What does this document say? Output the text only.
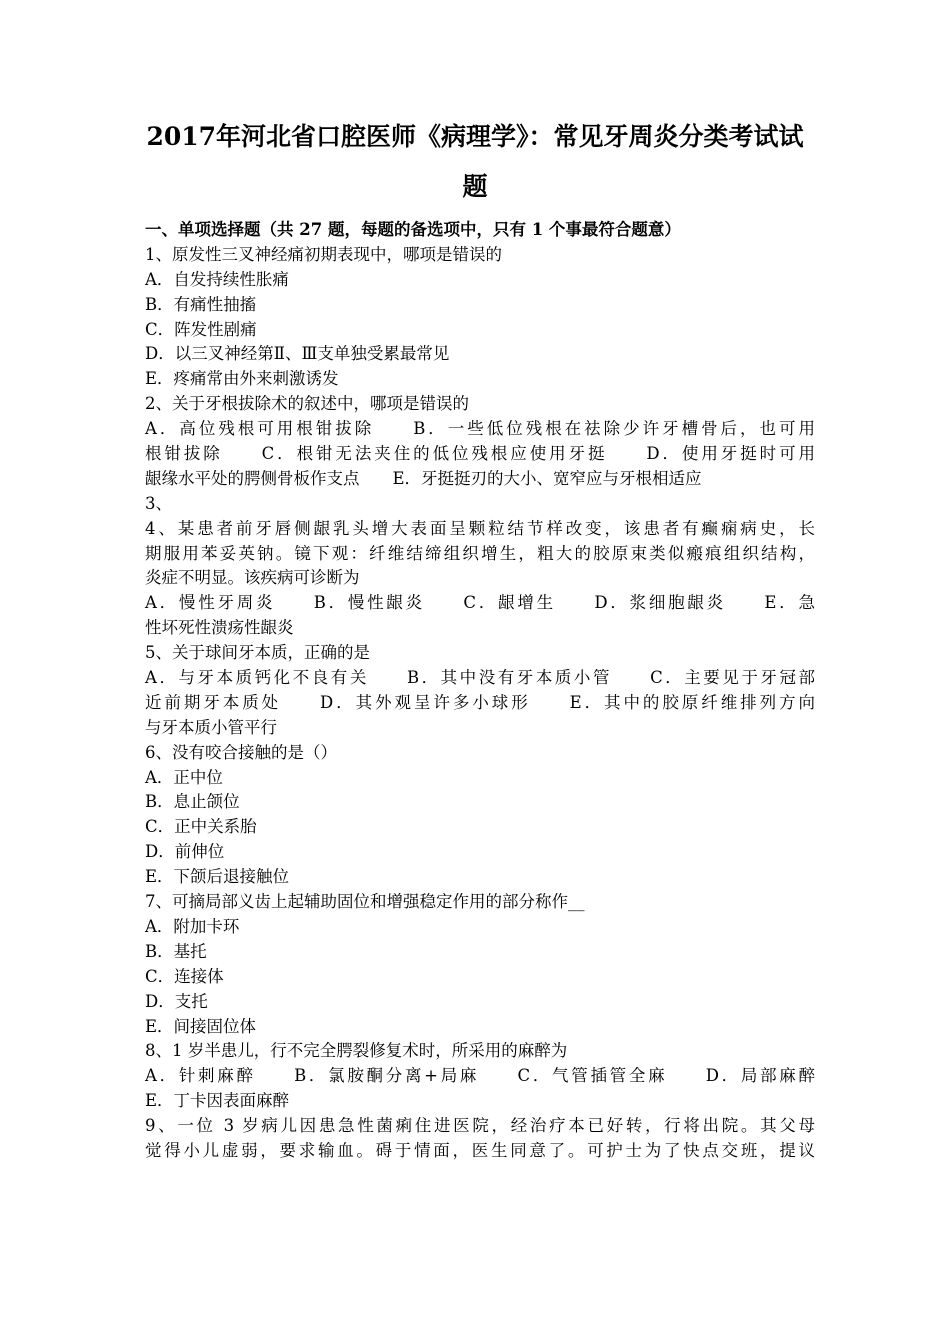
2017年河北省口腔医师《病理学》：常见牙周炎分类考试试
题
一、单项选择题（共 27 题，每题的备选项中，只有 1 个事最符合题意）
1、原发性三叉神经痛初期表现中，哪项是错误的
A．自发持续性胀痛
B．有痛性抽搐
C．阵发性剧痛
D．以三叉神经第Ⅱ、Ⅲ支单独受累最常见
E．疼痛常由外来刺激诱发
2、关于牙根拔除术的叙述中，哪项是错误的
A．高位残根可用根钳拔除　　B．一些低位残根在祛除少许牙槽骨后，也可用
根钳拔除　　C．根钳无法夹住的低位残根应使用牙挺　　D．使用牙挺时可用
龈缘水平处的腭侧骨板作支点　　E．牙挺挺刃的大小、宽窄应与牙根相适应
3、
4、某患者前牙唇侧龈乳头增大表面呈颗粒结节样改变，该患者有癫痫病史，长
期服用苯妥英钠。镜下观：纤维结缔组织增生，粗大的胶原束类似瘢痕组织结构，
炎症不明显。该疾病可诊断为
A．慢性牙周炎　　B．慢性龈炎　　C．龈增生　　D．浆细胞龈炎　　E．急
性坏死性溃疡性龈炎
5、关于球间牙本质，正确的是
A．与牙本质钙化不良有关　　B．其中没有牙本质小管　　C．主要见于牙冠部
近前期牙本质处　　D．其外观呈许多小球形　　E．其中的胶原纤维排列方向
与牙本质小管平行
6、没有咬合接触的是（）
A．正中位
B．息止颌位
C．正中关系胎
D．前伸位
E．下颌后退接触位
7、可摘局部义齿上起辅助固位和增强稳定作用的部分称作__
A．附加卡环
B．基托
C．连接体
D．支托
E．间接固位体
8、1 岁半患儿，行不完全腭裂修复术时，所采用的麻醉为
A．针刺麻醉　　B．氯胺酮分离+局麻　　C．气管插管全麻　　D．局部麻醉
E．丁卡因表面麻醉
9、一位 3 岁病儿因患急性菌痢住进医院，经治疗本已好转，行将出院。其父母
觉得小儿虚弱，要求输血。碍于情面，医生同意了。可护士为了快点交班，提议
